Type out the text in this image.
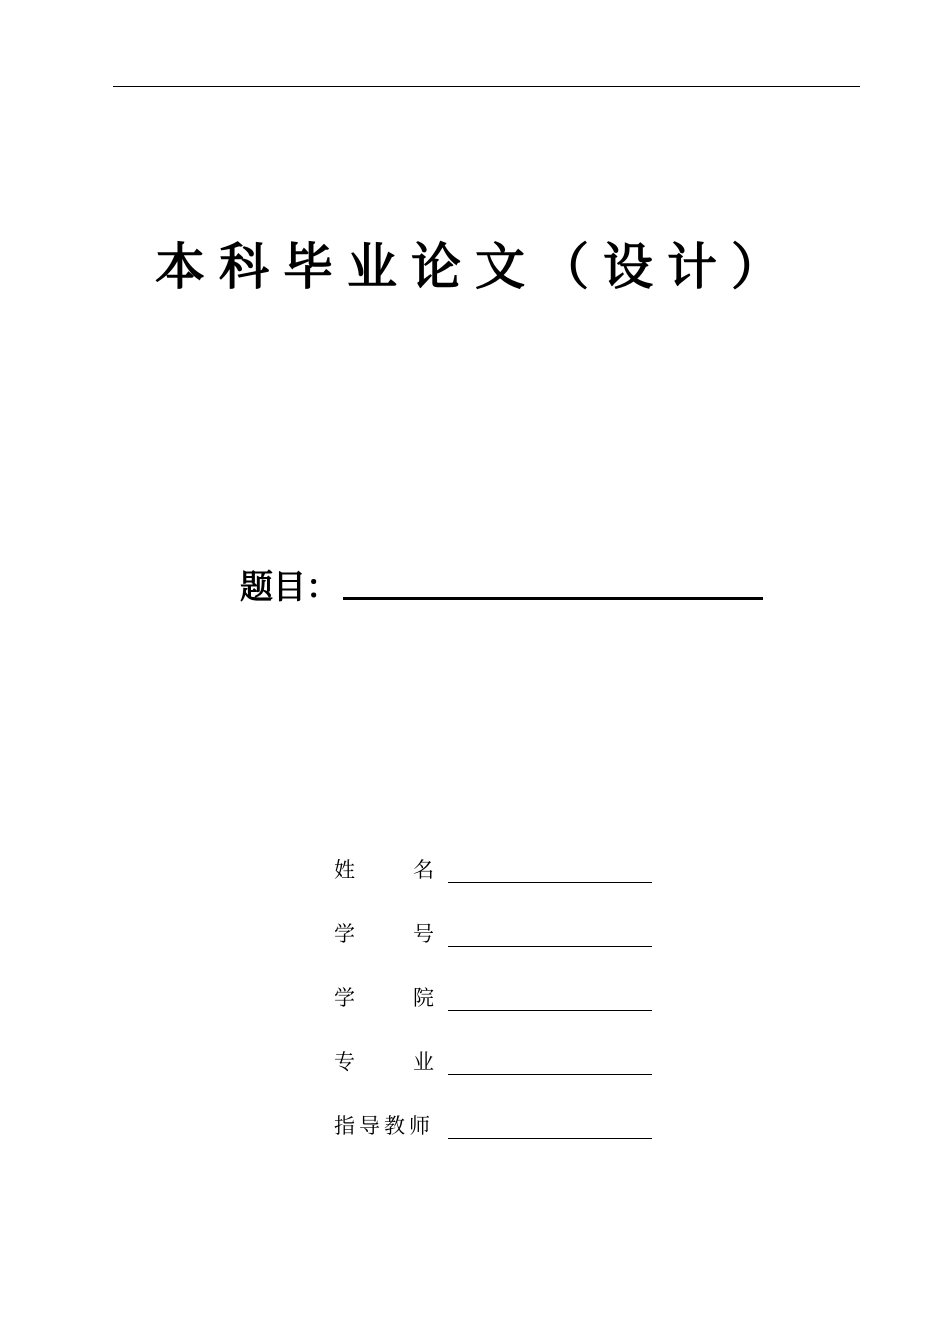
本科毕业论文（设计）
题目：
姓	名
学	号
学	院
专	业
指导教师
